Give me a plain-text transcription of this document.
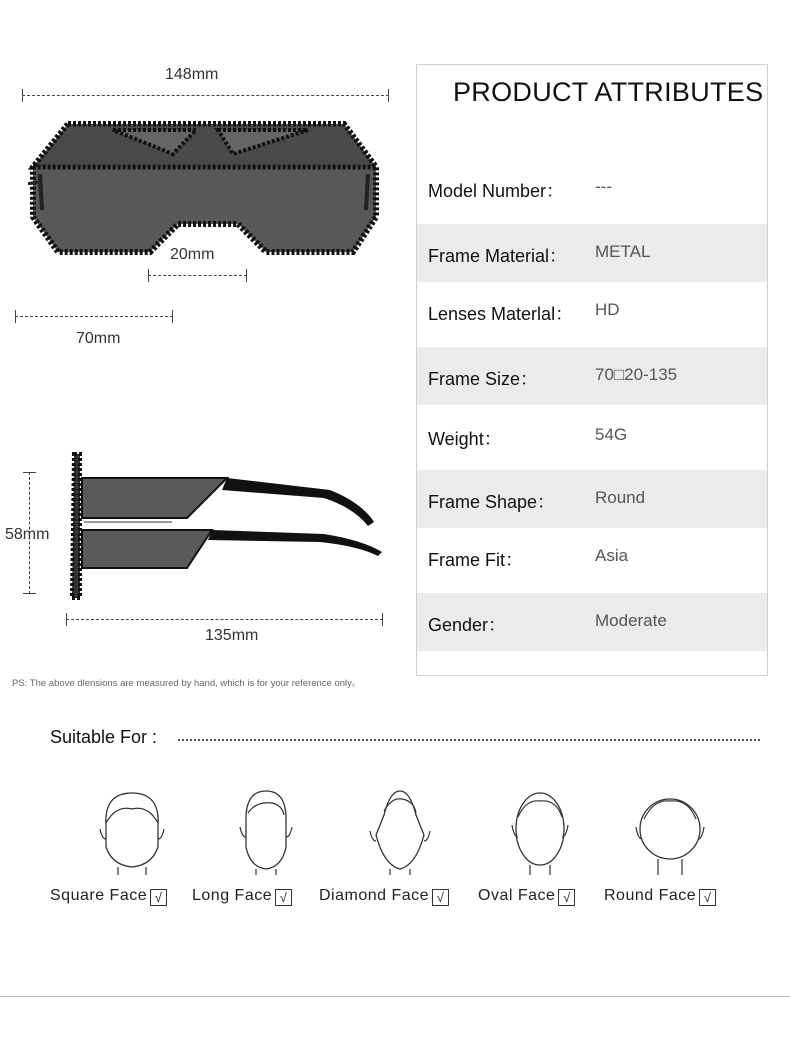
148mm
20mm
70mm
58mm
135mm
PS: The above dlensions are measured by hand, which is for your reference only。
PRODUCT ATTRIBUTES
Model Number： ---
Frame Material： METAL
Lenses Materlal： HD
Frame Size：	70□20-135
Weight：	54G
Frame Shape： Round
Frame Fit：	Asia
Gender：	Moderate
Suitable For :
Square Face √ Long Face √ Diamond Face √ Oval Face √ Round Face √
